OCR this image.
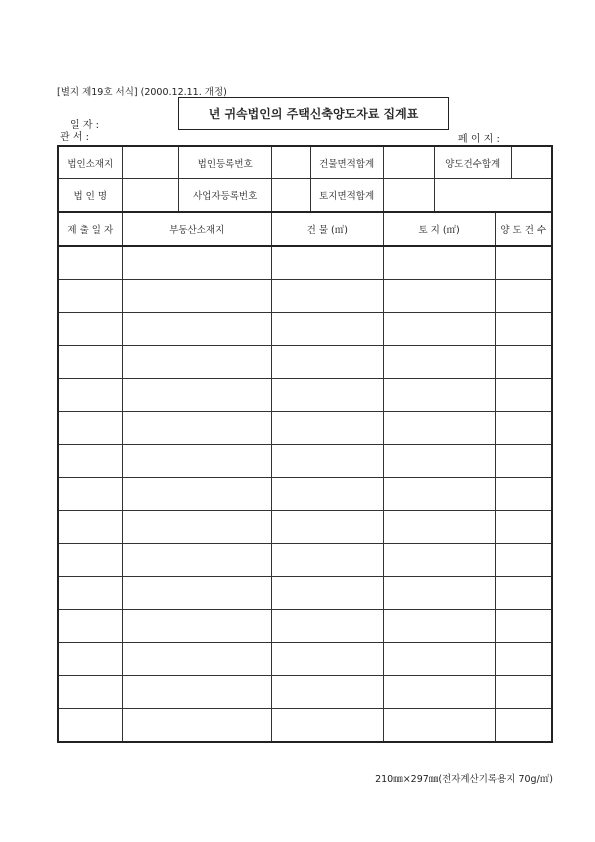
[별지 제19호 서식] (2000.12.11. 개정)
년 귀속법인의 주택신축양도자료 집계표
일 자 :
관 서 :	페 이 지 :
법인소재지		법인등록번호		건물면적합계		양도건수합계		
법 인 명		사업자등록번호		토지면적합계				
제 출 일 자	부동산소재지		건 물 (㎡)		토 지 (㎡)		양 도 건 수	

210㎜×297㎜(전자계산기록용지 70g/㎡)
